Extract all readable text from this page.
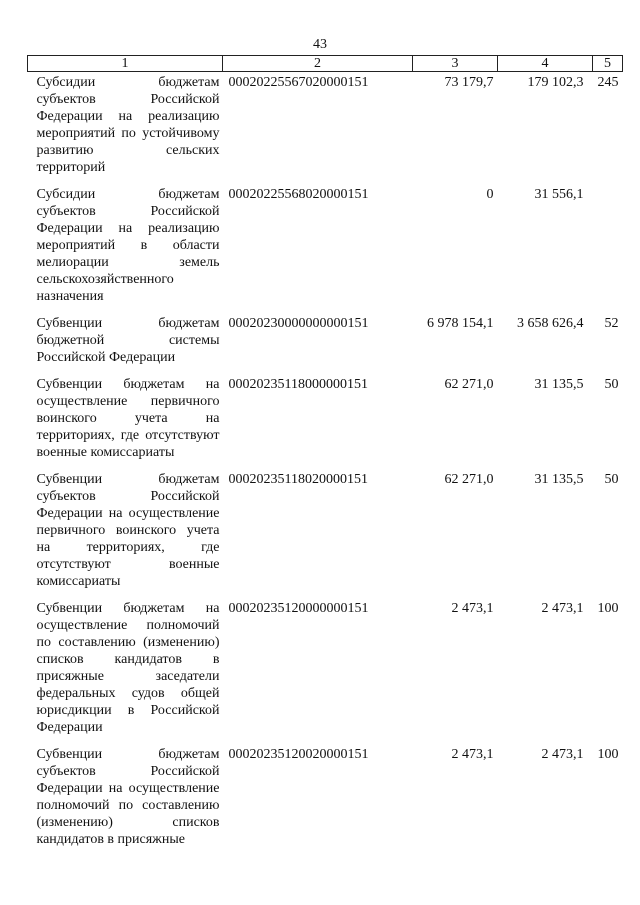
43
1	2	3	4	5
Субсидии бюджетам субъектов Российской Федерации на реализацию мероприятий по устойчивому развитию сельских территорий	00020225567020000151	73 179,7	179 102,3	245
Субсидии бюджетам субъектов Российской Федерации на реализацию мероприятий в области мелиорации земель сельскохозяйственного назначения	00020225568020000151	0	31 556,1	
Субвенции бюджетам бюджетной системы Российской Федерации	00020230000000000151	6 978 154,1	3 658 626,4	52
Субвенции бюджетам на осуществление первичного воинского учета на территориях, где отсутствуют военные комиссариаты	00020235118000000151	62 271,0	31 135,5	50
Субвенции бюджетам субъектов Российской Федерации на осуществление первичного воинского учета на территориях, где отсутствуют военные комиссариаты	00020235118020000151	62 271,0	31 135,5	50
Субвенции бюджетам на осуществление полномочий по составлению (изменению) списков кандидатов в присяжные заседатели федеральных судов общей юрисдикции в Российской Федерации	00020235120000000151	2 473,1	2 473,1	100
Субвенции бюджетам субъектов Российской Федерации на осуществление полномочий по составлению (изменению) списков кандидатов в присяжные	00020235120020000151	2 473,1	2 473,1	100
